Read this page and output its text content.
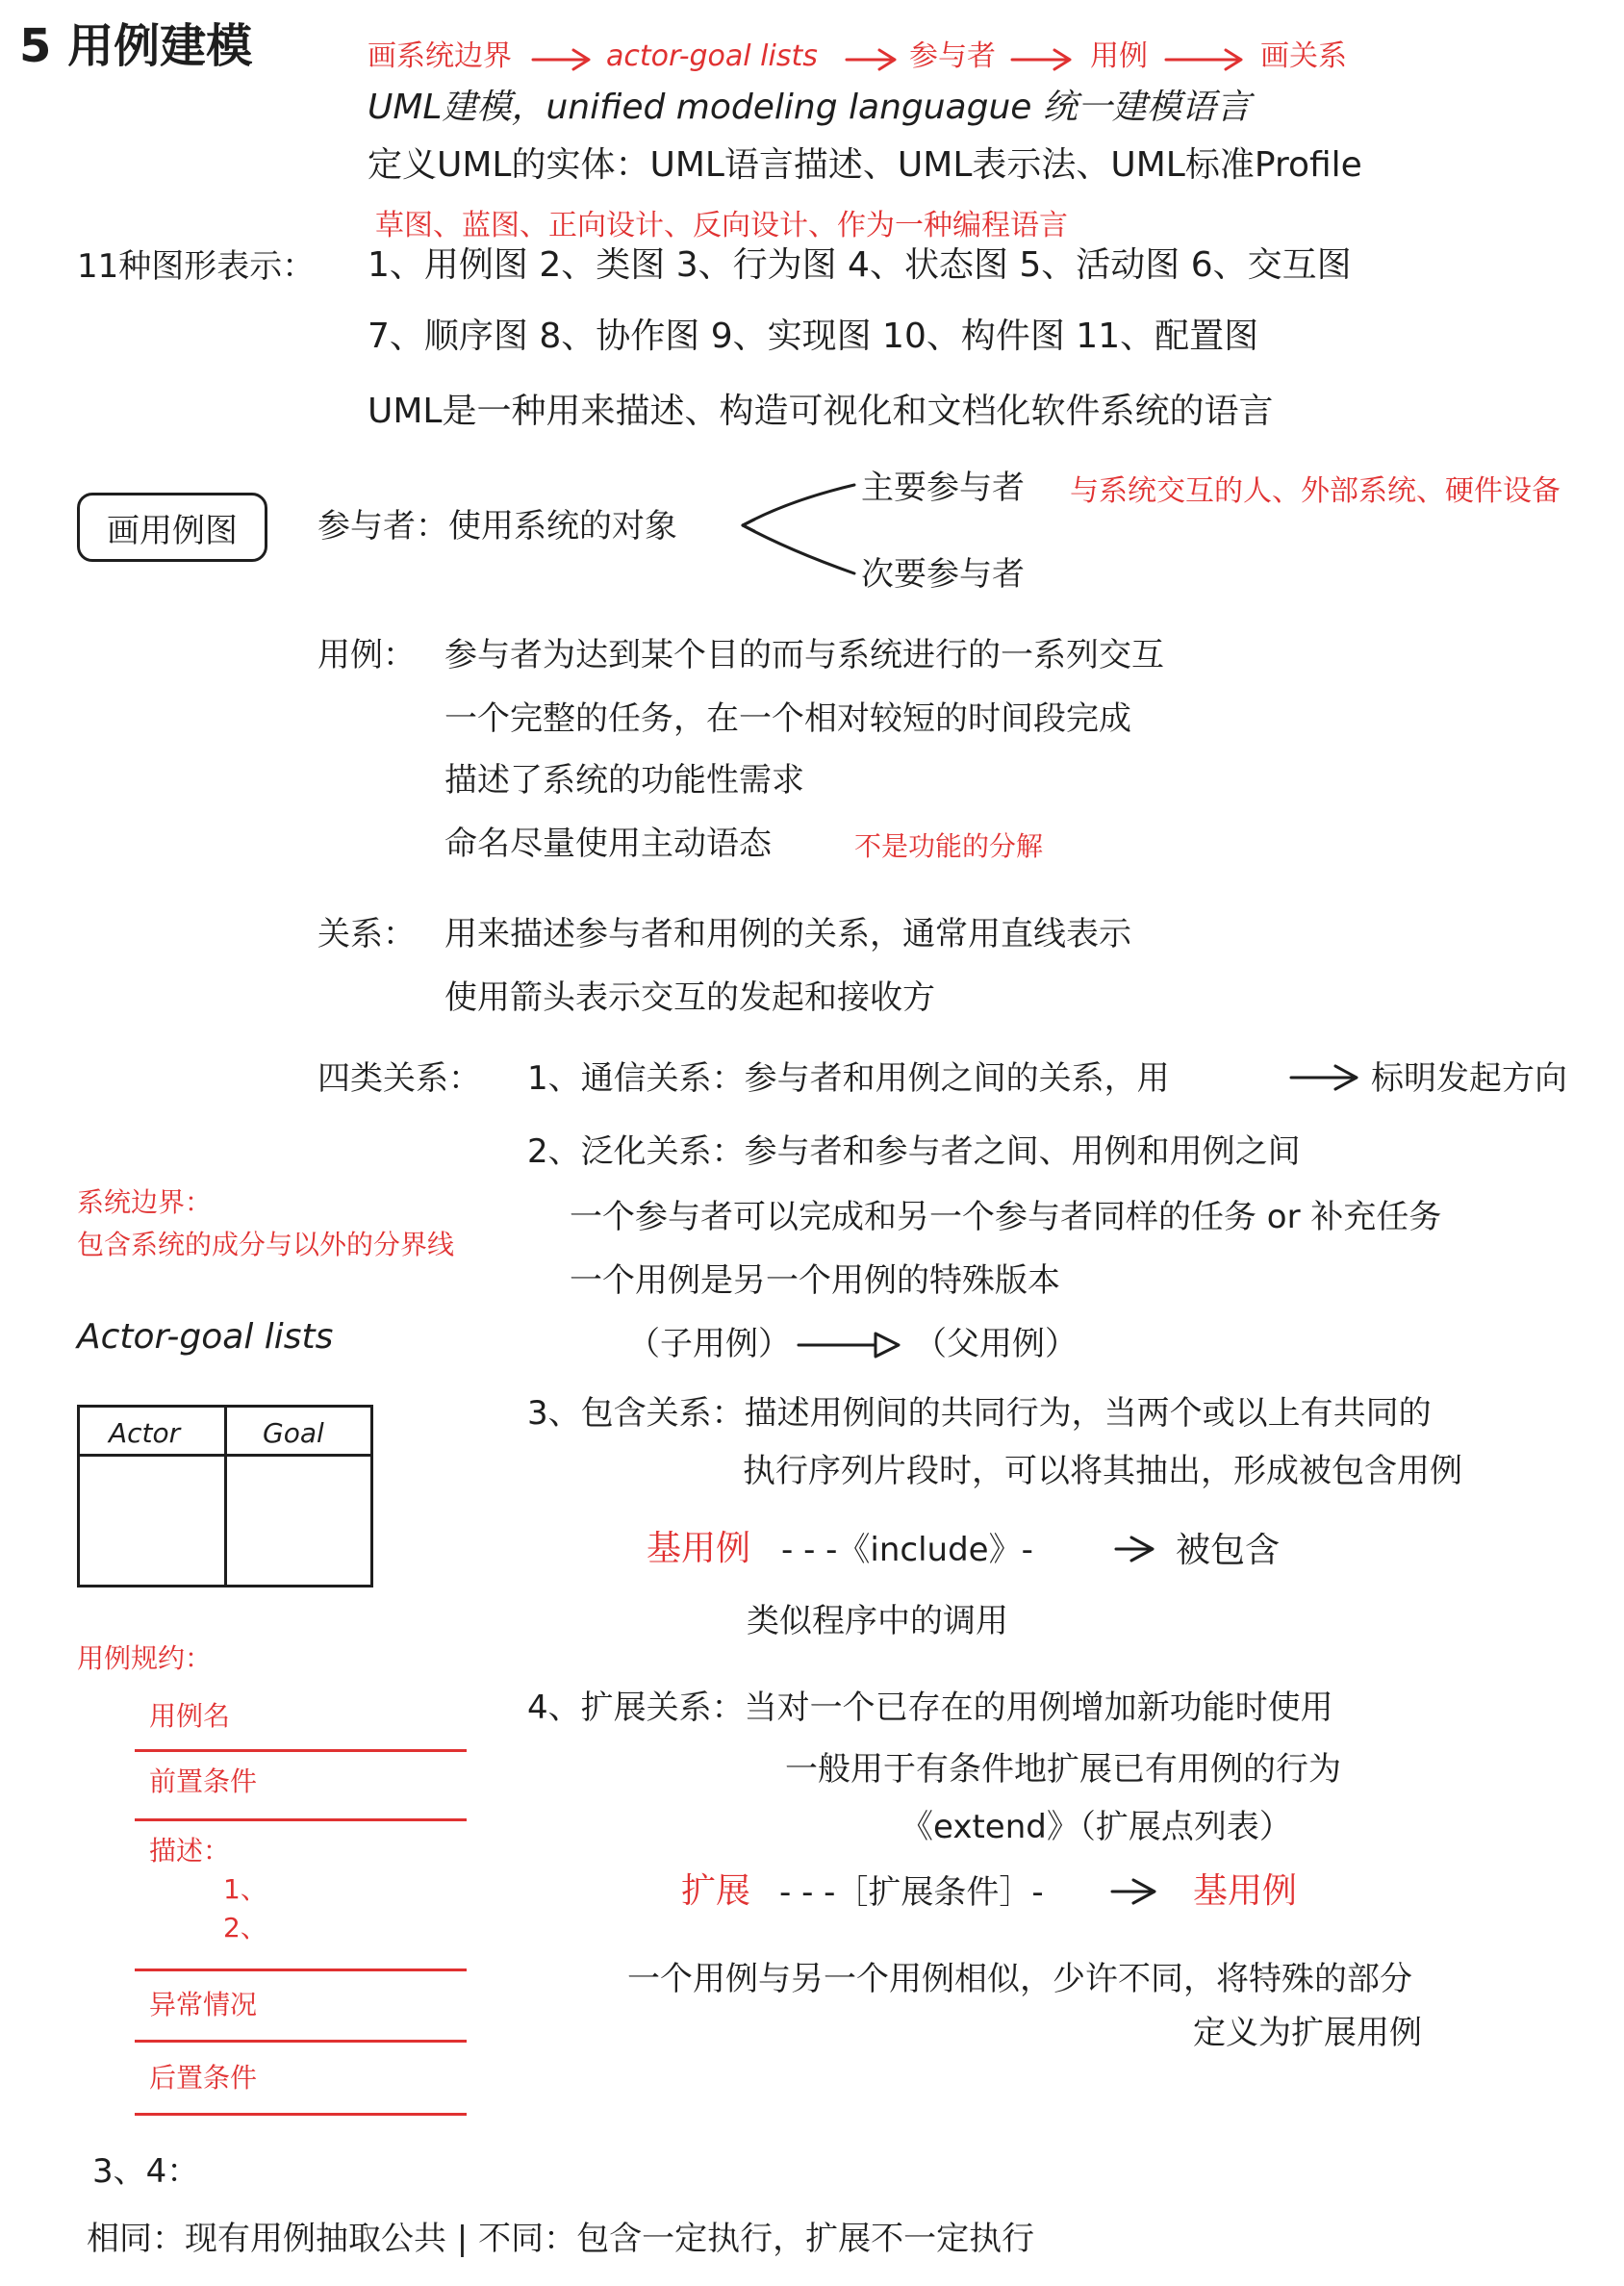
5 用例建模	画系统边界	actor-goal lists	参与者	用例	画关系
UML建模，unified modeling languague 统一建模语言
定义UML的实体：UML语言描述、UML表示法、UML标准Profile
草图、蓝图、正向设计、反向设计、作为一种编程语言
11种图形表示： 1、用例图 2、类图 3、行为图 4、状态图 5、活动图 6、交互图
7、顺序图 8、协作图 9、实现图 10、构件图 11、配置图
UML是一种用来描述、构造可视化和文档化软件系统的语言
画用例图 参与者：使用系统的对象
主要参与者 与系统交互的人、外部系统、硬件设备
次要参与者
用例： 参与者为达到某个目的而与系统进行的一系列交互
一个完整的任务，在一个相对较短的时间段完成
描述了系统的功能性需求
命名尽量使用主动语态	不是功能的分解
关系： 用来描述参与者和用例的关系，通常用直线表示
使用箭头表示交互的发起和接收方
四类关系： 1、通信关系：参与者和用例之间的关系，用	标明发起方向
2、泛化关系：参与者和参与者之间、用例和用例之间
一个参与者可以完成和另一个参与者同样的任务 or 补充任务
一个用例是另一个用例的特殊版本
（子用例）	（父用例）
系统边界：
包含系统的成分与以外的分界线
Actor-goal lists
Actor	Goal
3、包含关系：描述用例间的共同行为，当两个或以上有共同的
执行序列片段时，可以将其抽出，形成被包含用例
基用例 - - -《include》-	被包含
类似程序中的调用
用例规约：
用例名
前置条件
描述：
1、
2、
异常情况
后置条件
4、扩展关系：当对一个已存在的用例增加新功能时使用
一般用于有条件地扩展已有用例的行为
《extend》（扩展点列表）
扩展 - - -［扩展条件］-	基用例
一个用例与另一个用例相似，少许不同，将特殊的部分
定义为扩展用例
3、4：
相同：现有用例抽取公共 | 不同：包含一定执行，扩展不一定执行
